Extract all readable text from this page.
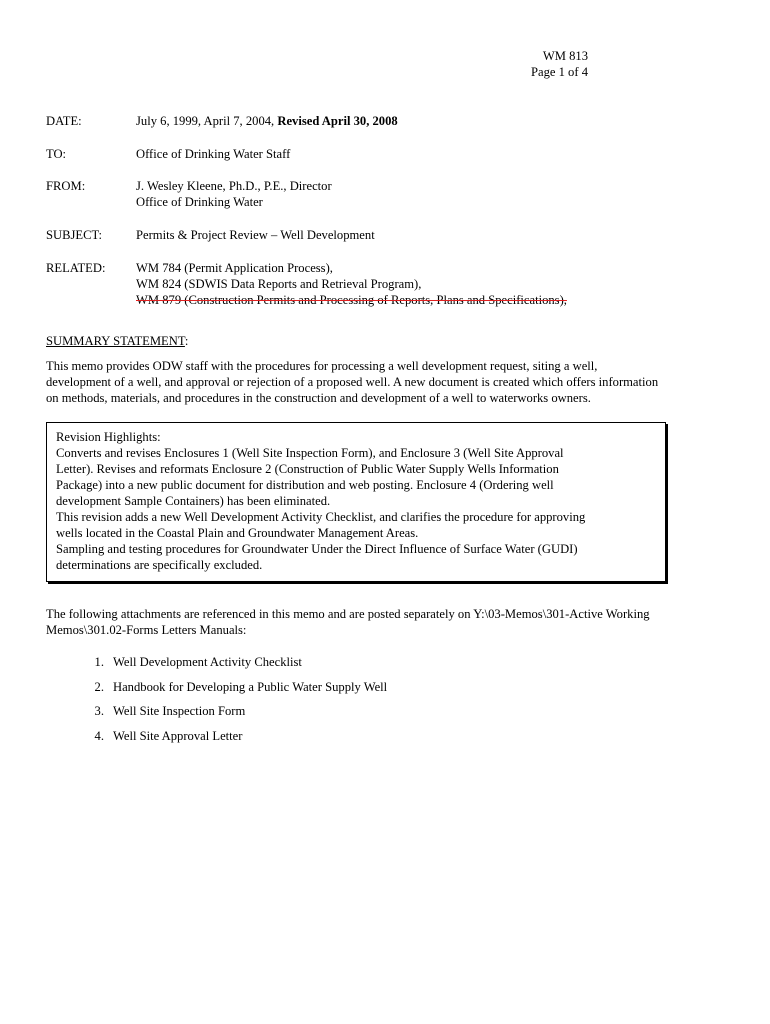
WM 813
Page 1 of 4
DATE:	July 6, 1999, April 7, 2004, Revised April 30, 2008
TO:	Office of Drinking Water Staff
FROM:	J. Wesley Kleene, Ph.D., P.E., Director
Office of Drinking Water
SUBJECT:	Permits & Project Review – Well Development
RELATED: WM 784 (Permit Application Process),
WM 824 (SDWIS Data Reports and Retrieval Program),
WM 879 (Construction Permits and Processing of Reports, Plans and Specifications),
SUMMARY STATEMENT:
This memo provides ODW staff with the procedures for processing a well development request, siting a well,
development of a well, and approval or rejection of a proposed well. A new document is created which offers information
on methods, materials, and procedures in the construction and development of a well to waterworks owners.
Revision Highlights:
Converts and revises Enclosures 1 (Well Site Inspection Form), and Enclosure 3 (Well Site Approval
Letter). Revises and reformats Enclosure 2 (Construction of Public Water Supply Wells Information
Package) into a new public document for distribution and web posting. Enclosure 4 (Ordering well
development Sample Containers) has been eliminated.
This revision adds a new Well Development Activity Checklist, and clarifies the procedure for approving
wells located in the Coastal Plain and Groundwater Management Areas.
Sampling and testing procedures for Groundwater Under the Direct Influence of Surface Water (GUDI)
determinations are specifically excluded.
The following attachments are referenced in this memo and are posted separately on Y:\03-Memos\301-Active Working
Memos\301.02-Forms Letters Manuals:
1. Well Development Activity Checklist
2. Handbook for Developing a Public Water Supply Well
3. Well Site Inspection Form
4. Well Site Approval Letter
